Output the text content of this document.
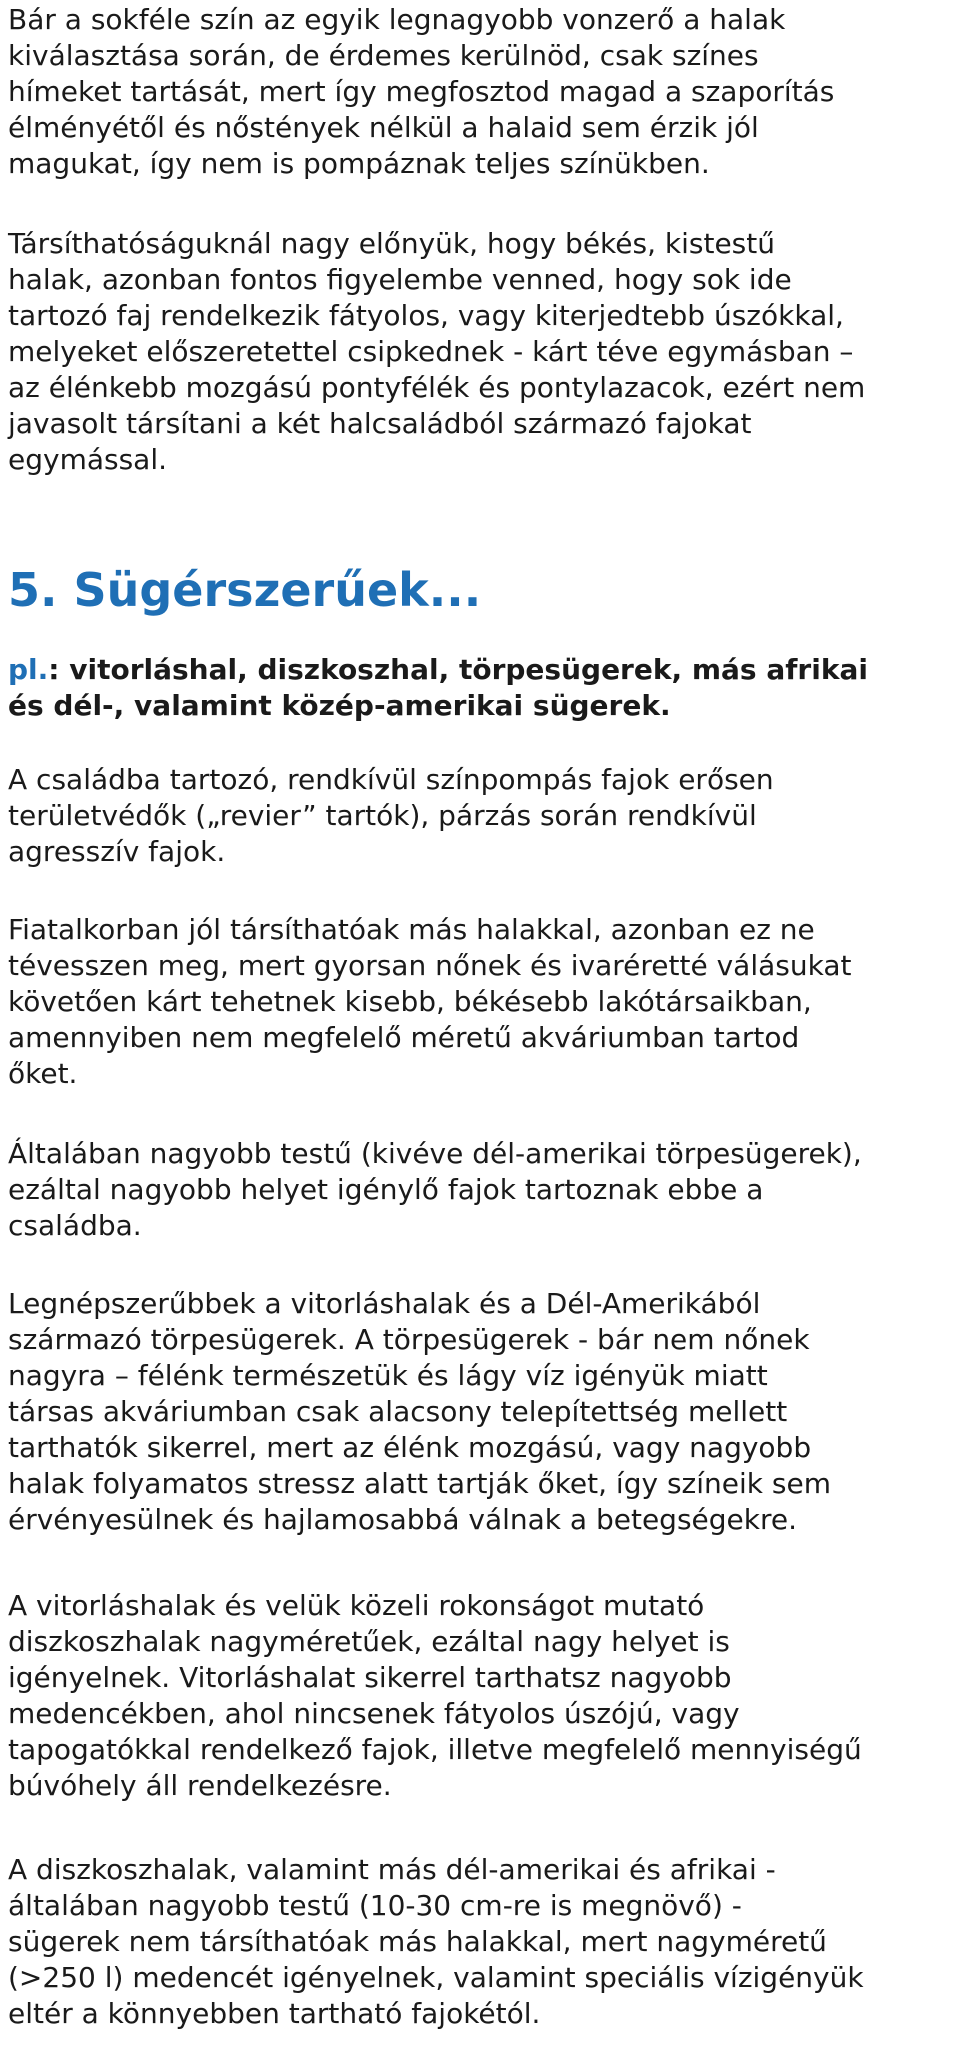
Bár a sokféle szín az egyik legnagyobb vonzerő a halak
kiválasztása során, de érdemes kerülnöd, csak színes
hímeket tartását, mert így megfosztod magad a szaporítás
élményétől és nőstények nélkül a halaid sem érzik jól
magukat, így nem is pompáznak teljes színükben.

Társíthatóságuknál nagy előnyük, hogy békés, kistestű
halak, azonban fontos figyelembe venned, hogy sok ide
tartozó faj rendelkezik fátyolos, vagy kiterjedtebb úszókkal,
melyeket előszeretettel csipkednek - kárt téve egymásban –
az élénkebb mozgású pontyfélék és pontylazacok, ezért nem
javasolt társítani a két halcsaládból származó fajokat
egymással.

5. Sügérszerűek...

pl.: vitorláshal, diszkoszhal, törpesügerek, más afrikai
és dél-, valamint közép-amerikai sügerek.

A családba tartozó, rendkívül színpompás fajok erősen
területvédők („revier” tartók), párzás során rendkívül
agresszív fajok.

Fiatalkorban jól társíthatóak más halakkal, azonban ez ne
tévesszen meg, mert gyorsan nőnek és ivaréretté válásukat
követően kárt tehetnek kisebb, békésebb lakótársaikban,
amennyiben nem megfelelő méretű akváriumban tartod
őket.

Általában nagyobb testű (kivéve dél-amerikai törpesügerek),
ezáltal nagyobb helyet igénylő fajok tartoznak ebbe a
családba.

Legnépszerűbbek a vitorláshalak és a Dél-Amerikából
származó törpesügerek. A törpesügerek - bár nem nőnek
nagyra – félénk természetük és lágy víz igényük miatt
társas akváriumban csak alacsony telepítettség mellett
tarthatók sikerrel, mert az élénk mozgású, vagy nagyobb
halak folyamatos stressz alatt tartják őket, így színeik sem
érvényesülnek és hajlamosabbá válnak a betegségekre.

A vitorláshalak és velük közeli rokonságot mutató
diszkoszhalak nagyméretűek, ezáltal nagy helyet is
igényelnek. Vitorláshalat sikerrel tarthatsz nagyobb
medencékben, ahol nincsenek fátyolos úszójú, vagy
tapogatókkal rendelkező fajok, illetve megfelelő mennyiségű
búvóhely áll rendelkezésre.

A diszkoszhalak, valamint más dél-amerikai és afrikai -
általában nagyobb testű (10-30 cm-re is megnövő) -
sügerek nem társíthatóak más halakkal, mert nagyméretű
(>250 l) medencét igényelnek, valamint speciális vízigényük
eltér a könnyebben tartható fajokétól.
